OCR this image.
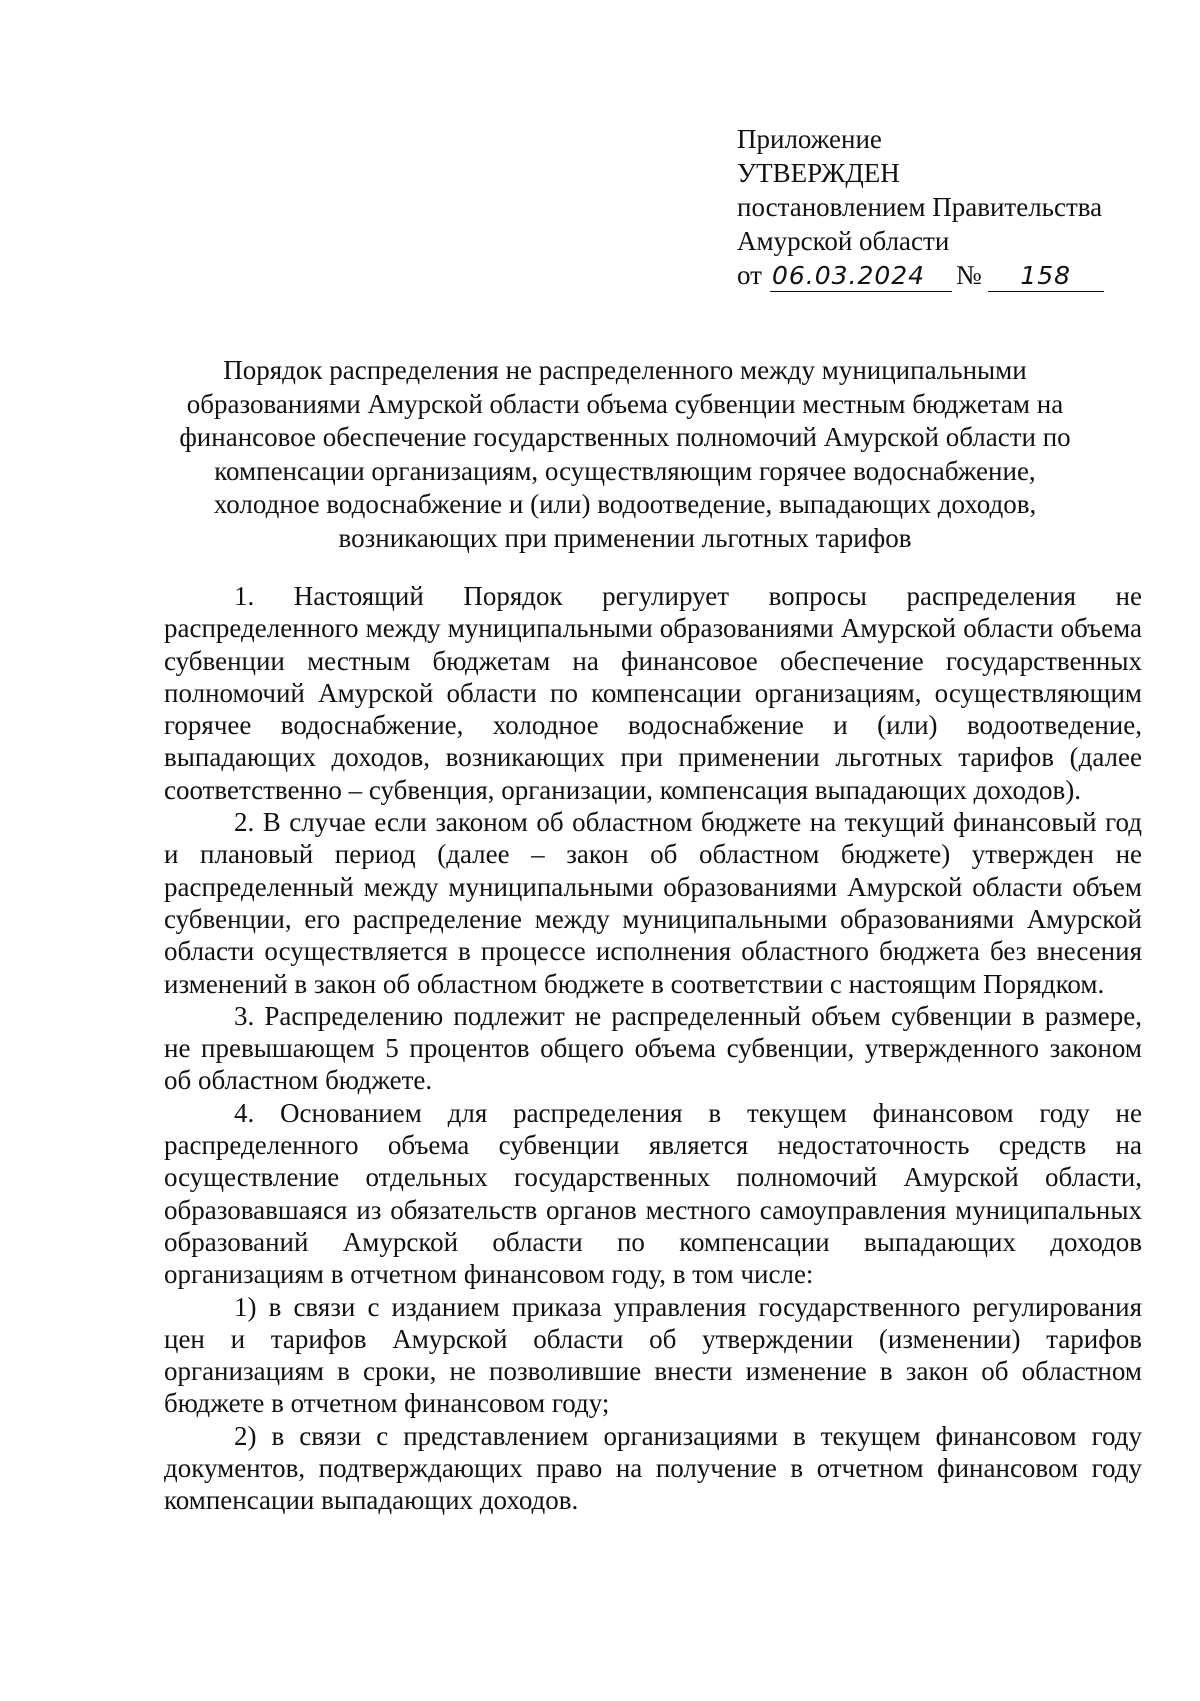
Приложение
УТВЕРЖДЕН
постановлением Правительства
Амурской области
от 06.03.2024	№	158
Порядок распределения не распределенного между муниципальными
образованиями Амурской области объема субвенции местным бюджетам на
финансовое обеспечение государственных полномочий Амурской области по
компенсации организациям, осуществляющим горячее водоснабжение,
холодное водоснабжение и (или) водоотведение, выпадающих доходов,
возникающих при применении льготных тарифов

1. Настоящий Порядок регулирует вопросы распределения не распределенного между муниципальными образованиями Амурской области объема субвенции местным бюджетам на финансовое обеспечение государственных полномочий Амурской области по компенсации организациям, осуществляющим горячее водоснабжение, холодное водоснабжение и (или) водоотведение, выпадающих доходов, возникающих при применении льготных тарифов (далее соответственно – субвенция, организации, компенсация выпадающих доходов).

2. В случае если законом об областном бюджете на текущий финансовый год и плановый период (далее – закон об областном бюджете) утвержден не распределенный между муниципальными образованиями Амурской области объем субвенции, его распределение между муниципальными образованиями Амурской области осуществляется в процессе исполнения областного бюджета без внесения изменений в закон об областном бюджете в соответствии с настоящим Порядком.

3. Распределению подлежит не распределенный объем субвенции в размере, не превышающем 5 процентов общего объема субвенции, утвержденного законом об областном бюджете.

4. Основанием для распределения в текущем финансовом году не распределенного объема субвенции является недостаточность средств на осуществление отдельных государственных полномочий Амурской области, образовавшаяся из обязательств органов местного самоуправления муниципальных образований Амурской области по компенсации выпадающих доходов организациям в отчетном финансовом году, в том числе:

1) в связи с изданием приказа управления государственного регулирования цен и тарифов Амурской области об утверждении (изменении) тарифов организациям в сроки, не позволившие внести изменение в закон об областном бюджете в отчетном финансовом году;

2) в связи с представлением организациями в текущем финансовом году документов, подтверждающих право на получение в отчетном финансовом году компенсации выпадающих доходов.
